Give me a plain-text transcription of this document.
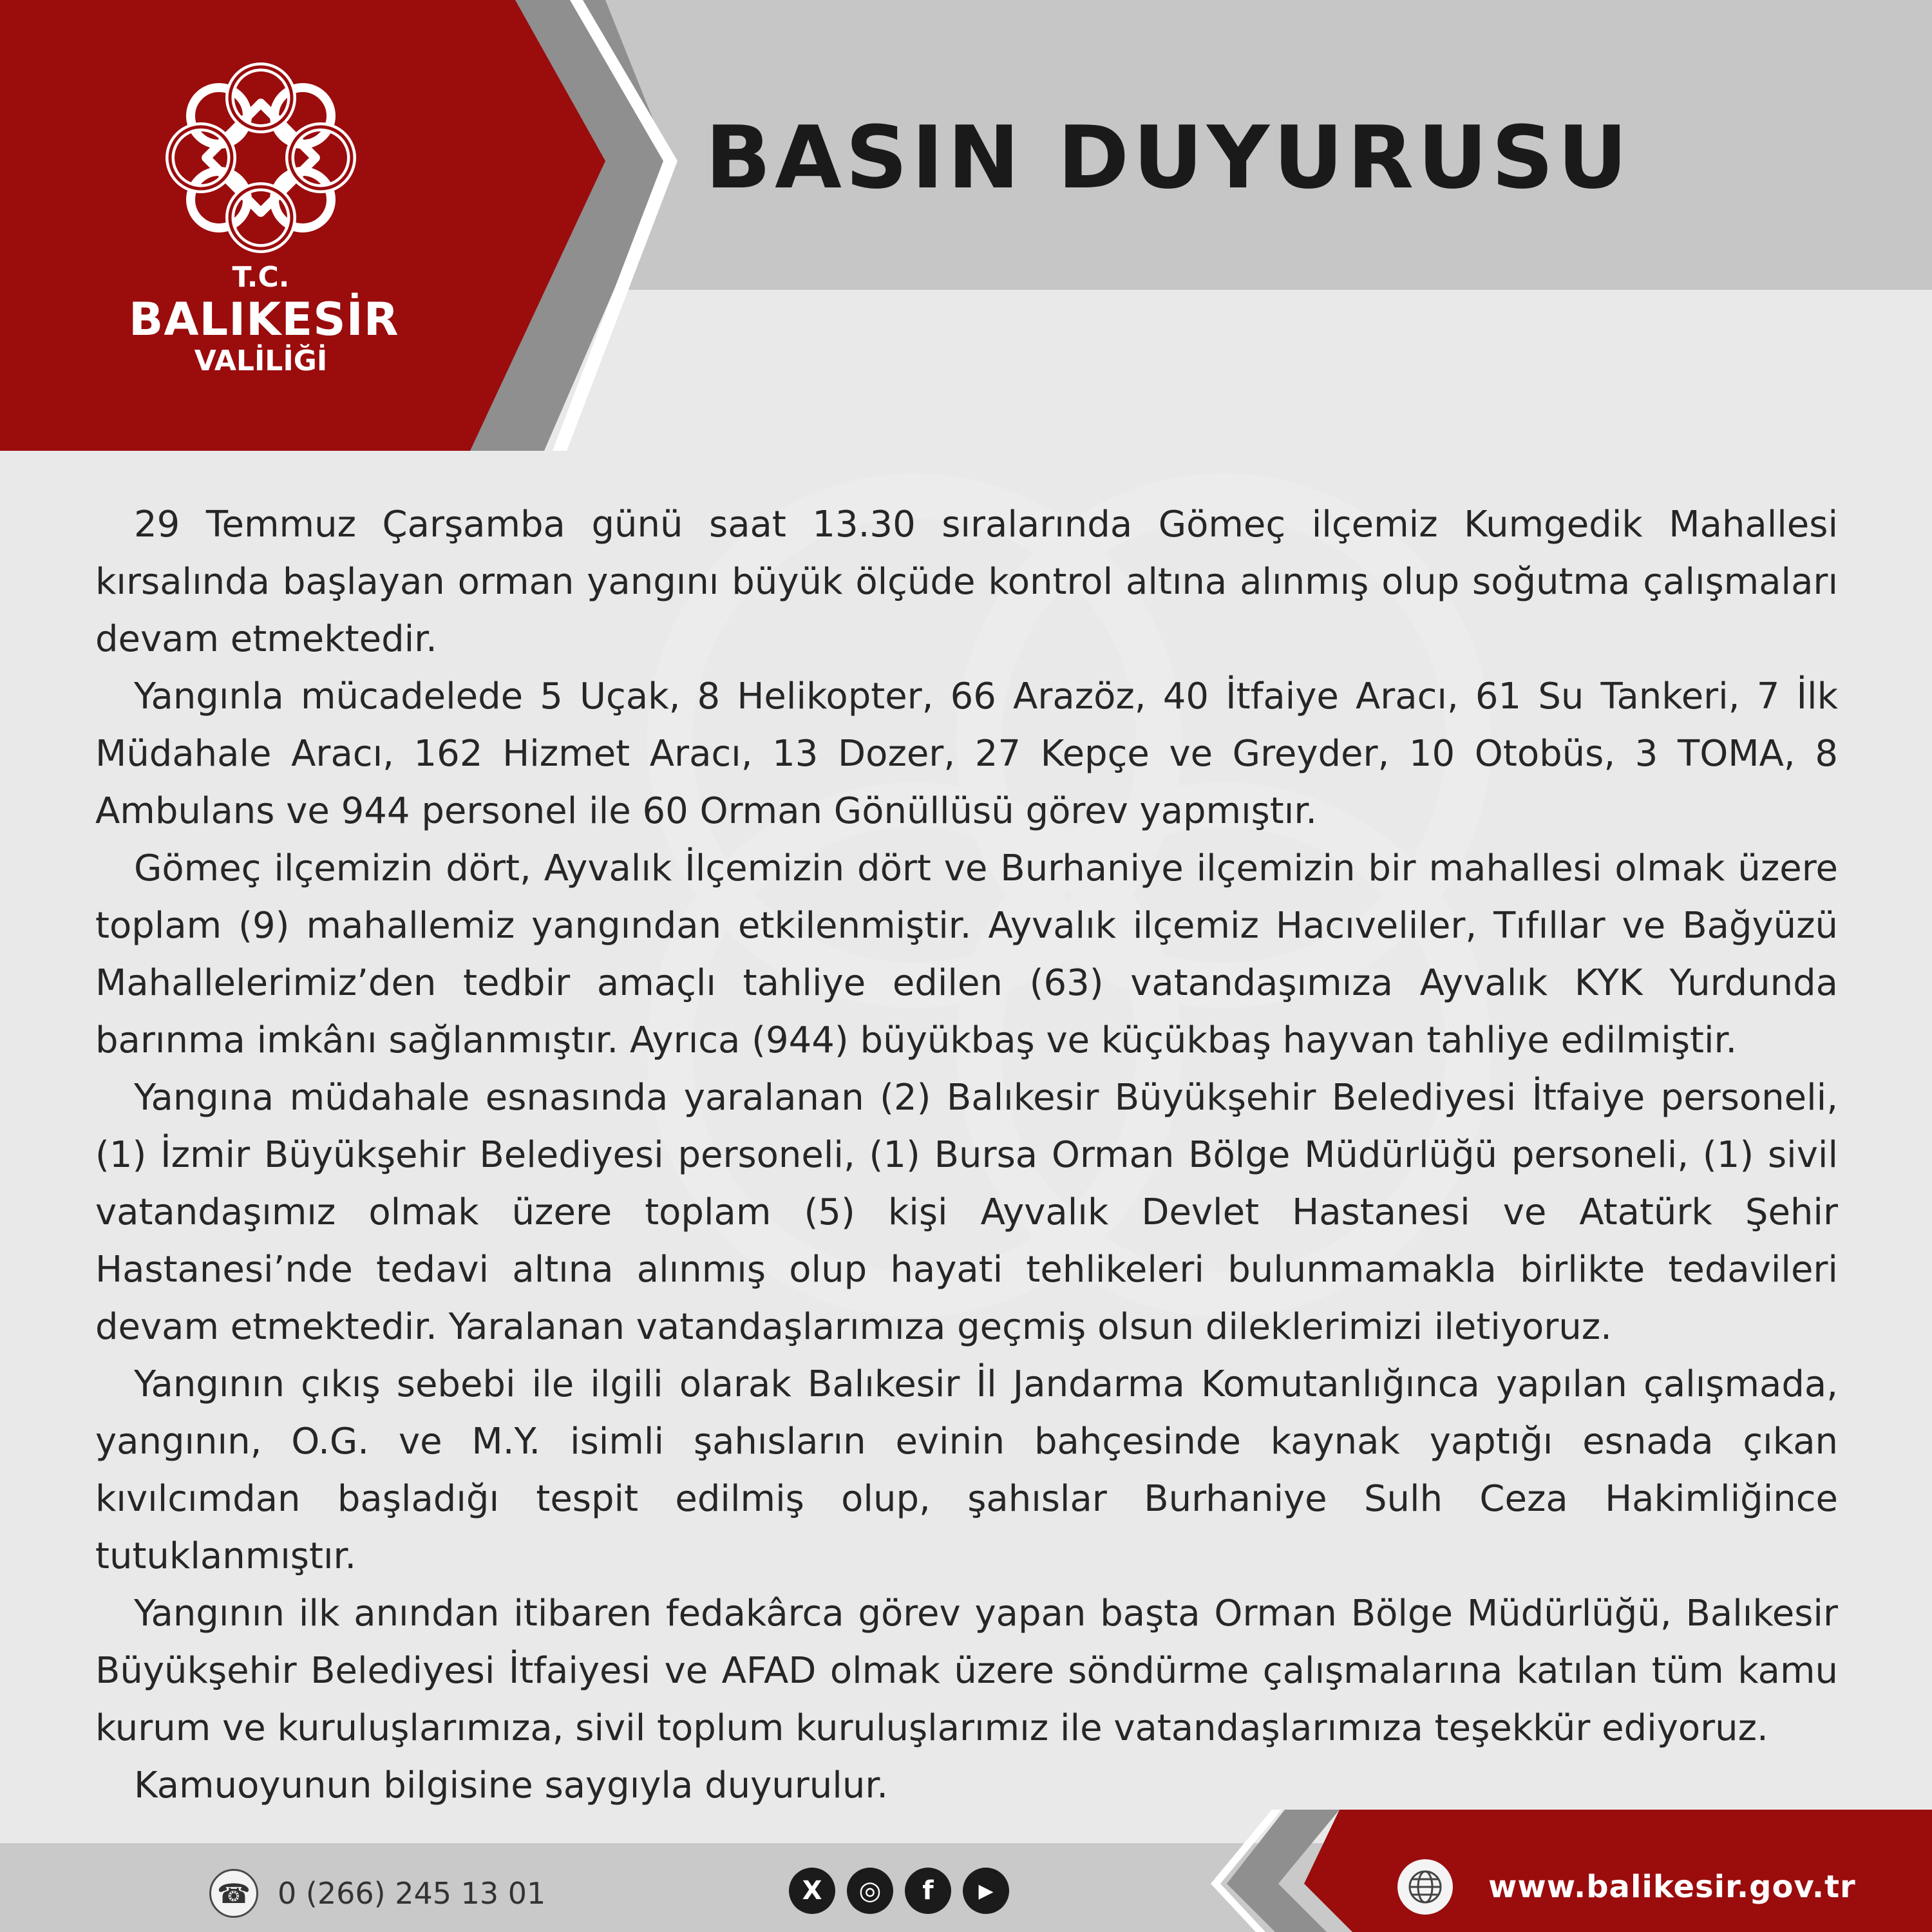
T.C.
BALIKESİR
VALİLİĞİ
BASIN DUYURUSU

29 Temmuz Çarşamba günü saat 13.30 sıralarında Gömeç ilçemiz Kumgedik Mahallesi kırsalında başlayan orman yangını büyük ölçüde kontrol altına alınmış olup soğutma çalışmaları devam etmektedir.

Yangınla mücadelede 5 Uçak, 8 Helikopter, 66 Arazöz, 40 İtfaiye Aracı, 61 Su Tankeri, 7 İlk Müdahale Aracı, 162 Hizmet Aracı, 13 Dozer, 27 Kepçe ve Greyder, 10 Otobüs, 3 TOMA, 8 Ambulans ve 944 personel ile 60 Orman Gönüllüsü görev yapmıştır.

Gömeç ilçemizin dört, Ayvalık İlçemizin dört ve Burhaniye ilçemizin bir mahallesi olmak üzere toplam (9) mahallemiz yangından etkilenmiştir. Ayvalık ilçemiz Hacıveliler, Tıfıllar ve Bağyüzü Mahallelerimiz’den tedbir amaçlı tahliye edilen (63) vatandaşımıza Ayvalık KYK Yurdunda barınma imkânı sağlanmıştır. Ayrıca (944) büyükbaş ve küçükbaş hayvan tahliye edilmiştir.

Yangına müdahale esnasında yaralanan (2) Balıkesir Büyükşehir Belediyesi İtfaiye personeli, (1) İzmir Büyükşehir Belediyesi personeli, (1) Bursa Orman Bölge Müdürlüğü personeli, (1) sivil vatandaşımız olmak üzere toplam (5) kişi Ayvalık Devlet Hastanesi ve Atatürk Şehir Hastanesi’nde tedavi altına alınmış olup hayati tehlikeleri bulunmamakla birlikte tedavileri devam etmektedir. Yaralanan vatandaşlarımıza geçmiş olsun dileklerimizi iletiyoruz.

Yangının çıkış sebebi ile ilgili olarak Balıkesir İl Jandarma Komutanlığınca yapılan çalışmada, yangının, O.G. ve M.Y. isimli şahısların evinin bahçesinde kaynak yaptığı esnada çıkan kıvılcımdan başladığı tespit edilmiş olup, şahıslar Burhaniye Sulh Ceza Hakimliğince tutuklanmıştır.

Yangının ilk anından itibaren fedakârca görev yapan başta Orman Bölge Müdürlüğü, Balıkesir Büyükşehir Belediyesi İtfaiyesi ve AFAD olmak üzere söndürme çalışmalarına katılan tüm kamu kurum ve kuruluşlarımıza, sivil toplum kuruluşlarımız ile vatandaşlarımıza teşekkür ediyoruz.

Kamuoyunun bilgisine saygıyla duyurulur.

☎ 0 (266) 245 13 01	X	◎	f	▶	www.balikesir.gov.tr
